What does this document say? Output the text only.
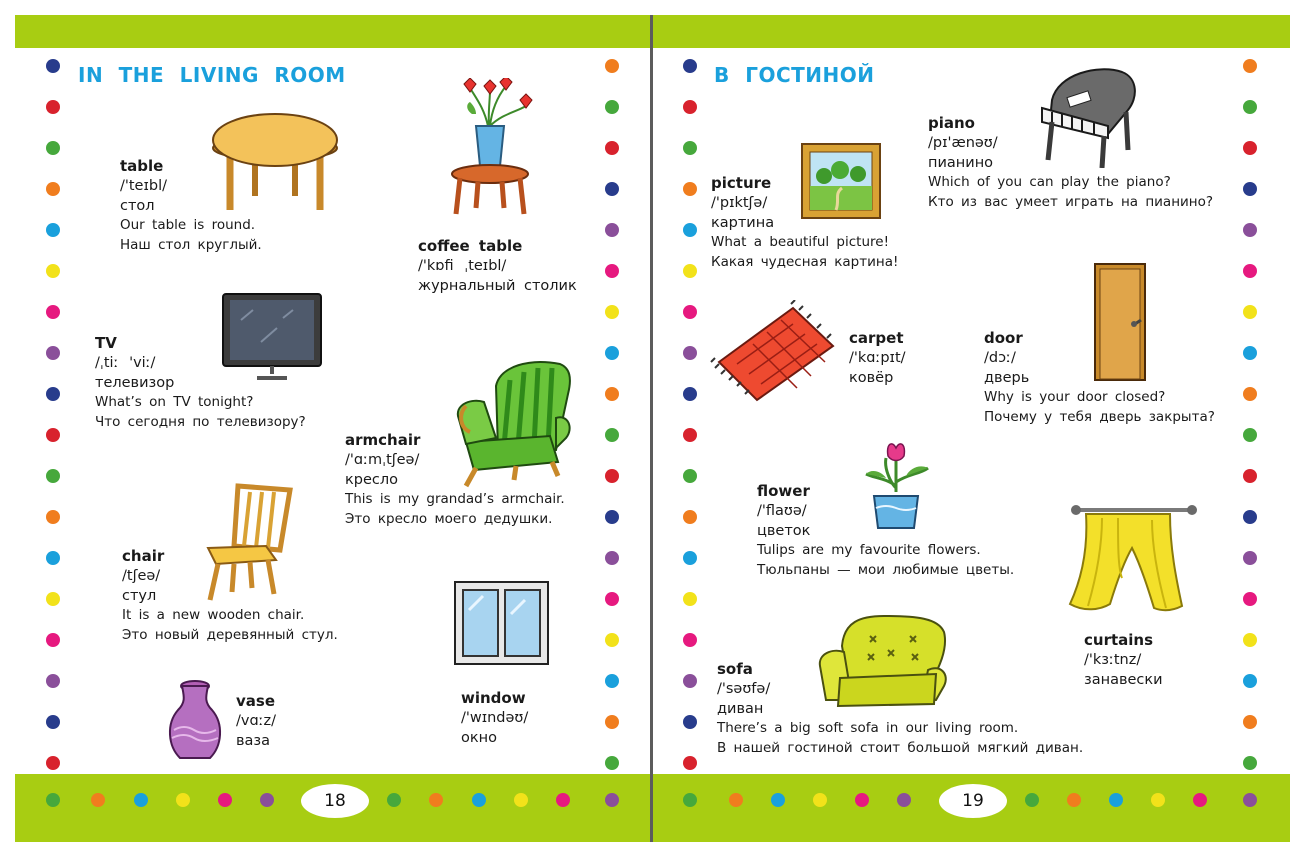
18	19
IN THE LIVING ROOM
table
/'teɪbl/
стол
Our table is round.
Наш стол круглый.	coffee table
/'kɒfi ˌteɪbl/
журнальный столик
TV
/ˌtiː 'viː/
телевизор
What’s on TV tonight?
Что сегодня по телевизору?
armchair
/'ɑːmˌtʃeə/
кресло
This is my grandad’s armchair.
Это кресло моего дедушки.
chair
/tʃeə/
стул
It is a new wooden chair.
Это новый деревянный стул.
vase
/vɑːz/
ваза
window
/'wɪndəʊ/
окно
В ГОСТИНОЙ
piano
/pɪ'ænəʊ/
пианино
Which of you can play the piano?
Кто из вас умеет играть на пианино?
picture
/'pɪktʃə/
картина
What a beautiful picture!
Какая чудесная картина!
carpet
/'kɑːpɪt/
ковёр
door
/dɔː/
дверь
Why is your door closed?
Почему у тебя дверь закрыта?
flower
/'flaʊə/
цветок
Tulips are my favourite flowers.
Тюльпаны — мои любимые цветы.
curtains
/'kɜːtnz/
занавески
sofa
/'səʊfə/
диван
There’s a big soft sofa in our living room.
В нашей гостиной стоит большой мягкий диван.
